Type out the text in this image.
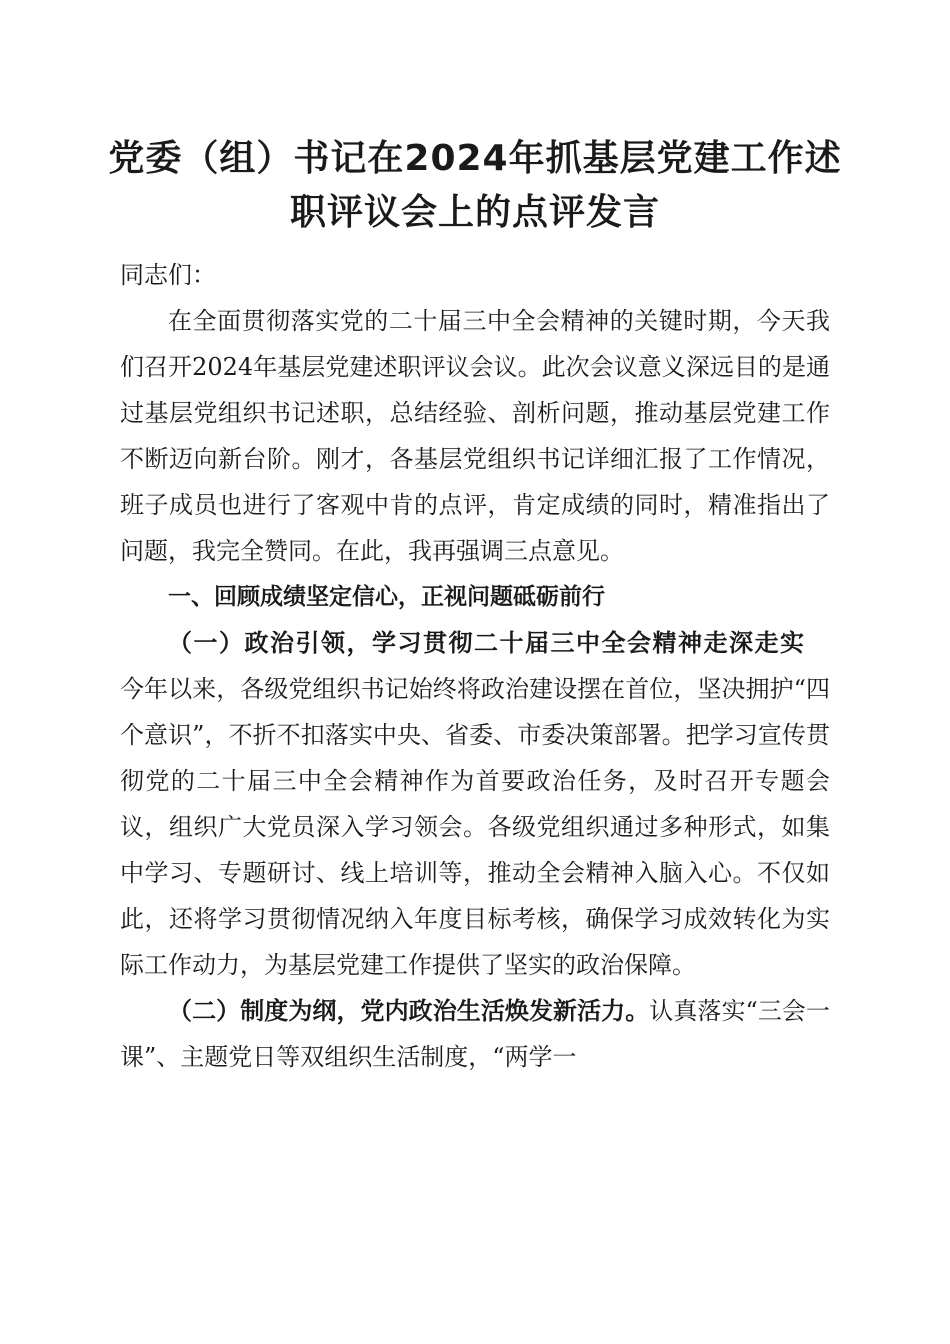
党委（组）书记在2024年抓基层党建工作述
职评议会上的点评发言

同志们：

在全面贯彻落实党的二十届三中全会精神的关键时期，今天我们召开2024年基层党建述职评议会议。此次会议意义深远目的是通过基层党组织书记述职，总结经验、剖析问题，推动基层党建工作不断迈向新台阶。刚才，各基层党组织书记详细汇报了工作情况，班子成员也进行了客观中肯的点评，肯定成绩的同时，精准指出了问题，我完全赞同。在此，我再强调三点意见。

一、回顾成绩坚定信心，正视问题砥砺前行

（一）政治引领，学习贯彻二十届三中全会精神走深走实

今年以来，各级党组织书记始终将政治建设摆在首位，坚决拥护“四个意识”，不折不扣落实中央、省委、市委决策部署。把学习宣传贯彻党的二十届三中全会精神作为首要政治任务，及时召开专题会议，组织广大党员深入学习领会。各级党组织通过多种形式，如集中学习、专题研讨、线上培训等，推动全会精神入脑入心。不仅如此，还将学习贯彻情况纳入年度目标考核，确保学习成效转化为实际工作动力，为基层党建工作提供了坚实的政治保障。

（二）制度为纲，党内政治生活焕发新活力。认真落实“三会一课”、主题党日等双组织生活制度，“两学一
